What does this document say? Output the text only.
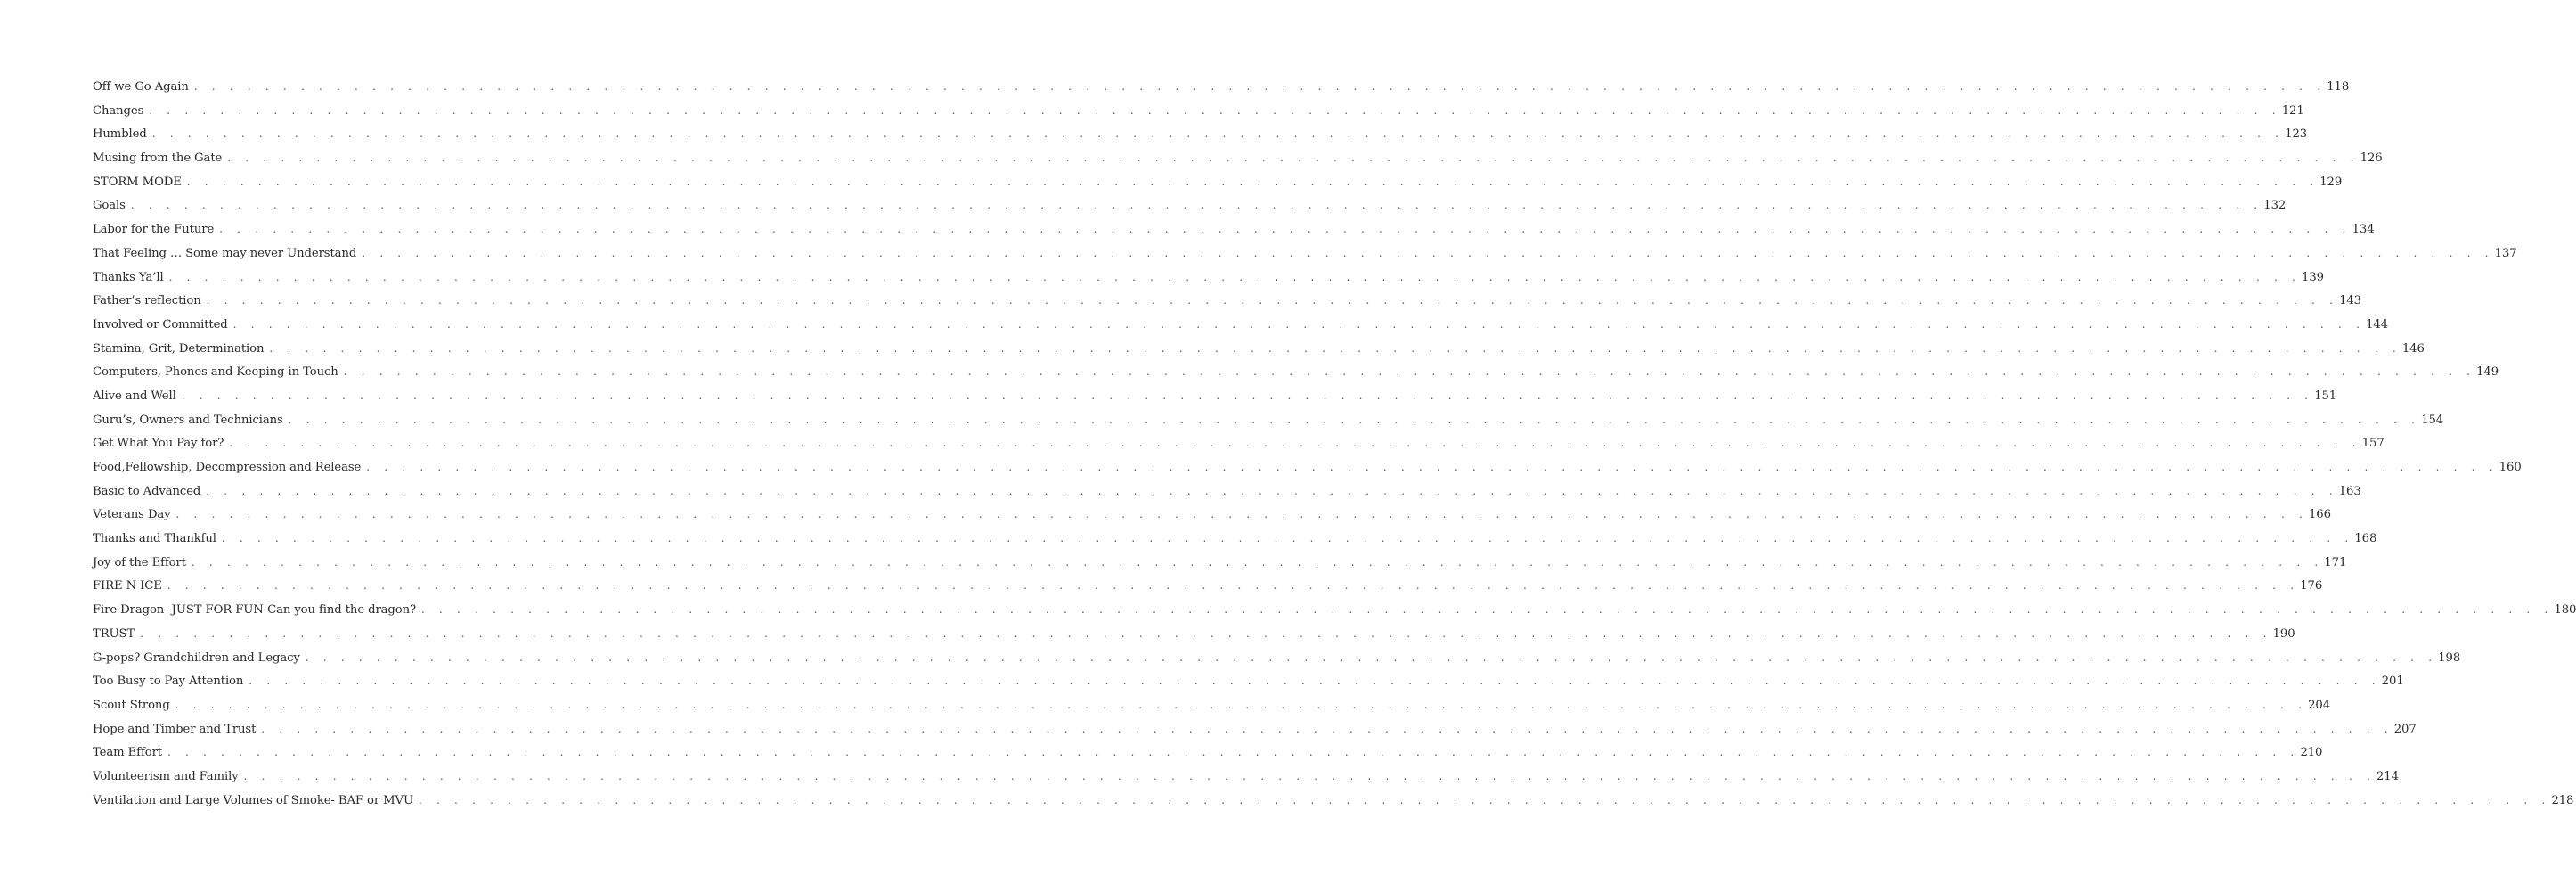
Off we Go Again . . . . . . . . . . . . . . . . . . . . . . . . . . . . . . . . . . . . . . . . . . . . . . . . . . . . . . . . . . . . . . . . . . . . . . . . . . . . . . . . . . . . . . . . . . . . . . . . . . . . . . . . . . . . . . . . . . . . . . . . 118
Changes . . . . . . . . . . . . . . . . . . . . . . . . . . . . . . . . . . . . . . . . . . . . . . . . . . . . . . . . . . . . . . . . . . . . . . . . . . . . . . . . . . . . . . . . . . . . . . . . . . . . . . . . . . . . . . . . . . . . . . . . 121
Humbled . . . . . . . . . . . . . . . . . . . . . . . . . . . . . . . . . . . . . . . . . . . . . . . . . . . . . . . . . . . . . . . . . . . . . . . . . . . . . . . . . . . . . . . . . . . . . . . . . . . . . . . . . . . . . . . . . . . . . . . . 123
Musing from the Gate . . . . . . . . . . . . . . . . . . . . . . . . . . . . . . . . . . . . . . . . . . . . . . . . . . . . . . . . . . . . . . . . . . . . . . . . . . . . . . . . . . . . . . . . . . . . . . . . . . . . . . . . . . . . . . . . . . . . . . . . 126
STORM MODE . . . . . . . . . . . . . . . . . . . . . . . . . . . . . . . . . . . . . . . . . . . . . . . . . . . . . . . . . . . . . . . . . . . . . . . . . . . . . . . . . . . . . . . . . . . . . . . . . . . . . . . . . . . . . . . . . . . . . . . . 129
Goals . . . . . . . . . . . . . . . . . . . . . . . . . . . . . . . . . . . . . . . . . . . . . . . . . . . . . . . . . . . . . . . . . . . . . . . . . . . . . . . . . . . . . . . . . . . . . . . . . . . . . . . . . . . . . . . . . . . . . . . . 132
Labor for the Future . . . . . . . . . . . . . . . . . . . . . . . . . . . . . . . . . . . . . . . . . . . . . . . . . . . . . . . . . . . . . . . . . . . . . . . . . . . . . . . . . . . . . . . . . . . . . . . . . . . . . . . . . . . . . . . . . . . . . . . . 134
That Feeling … Some may never Understand . . . . . . . . . . . . . . . . . . . . . . . . . . . . . . . . . . . . . . . . . . . . . . . . . . . . . . . . . . . . . . . . . . . . . . . . . . . . . . . . . . . . . . . . . . . . . . . . . . . . . . . . . . . . . . . . . . . . . . . . 137
Thanks Ya’ll . . . . . . . . . . . . . . . . . . . . . . . . . . . . . . . . . . . . . . . . . . . . . . . . . . . . . . . . . . . . . . . . . . . . . . . . . . . . . . . . . . . . . . . . . . . . . . . . . . . . . . . . . . . . . . . . . . . . . . . . 139
Father’s reflection . . . . . . . . . . . . . . . . . . . . . . . . . . . . . . . . . . . . . . . . . . . . . . . . . . . . . . . . . . . . . . . . . . . . . . . . . . . . . . . . . . . . . . . . . . . . . . . . . . . . . . . . . . . . . . . . . . . . . . . . 143
Involved or Committed . . . . . . . . . . . . . . . . . . . . . . . . . . . . . . . . . . . . . . . . . . . . . . . . . . . . . . . . . . . . . . . . . . . . . . . . . . . . . . . . . . . . . . . . . . . . . . . . . . . . . . . . . . . . . . . . . . . . . . . . 144
Stamina, Grit, Determination . . . . . . . . . . . . . . . . . . . . . . . . . . . . . . . . . . . . . . . . . . . . . . . . . . . . . . . . . . . . . . . . . . . . . . . . . . . . . . . . . . . . . . . . . . . . . . . . . . . . . . . . . . . . . . . . . . . . . . . . 146
Computers, Phones and Keeping in Touch . . . . . . . . . . . . . . . . . . . . . . . . . . . . . . . . . . . . . . . . . . . . . . . . . . . . . . . . . . . . . . . . . . . . . . . . . . . . . . . . . . . . . . . . . . . . . . . . . . . . . . . . . . . . . . . . . . . . . . . . 149
Alive and Well . . . . . . . . . . . . . . . . . . . . . . . . . . . . . . . . . . . . . . . . . . . . . . . . . . . . . . . . . . . . . . . . . . . . . . . . . . . . . . . . . . . . . . . . . . . . . . . . . . . . . . . . . . . . . . . . . . . . . . . . 151
Guru’s, Owners and Technicians . . . . . . . . . . . . . . . . . . . . . . . . . . . . . . . . . . . . . . . . . . . . . . . . . . . . . . . . . . . . . . . . . . . . . . . . . . . . . . . . . . . . . . . . . . . . . . . . . . . . . . . . . . . . . . . . . . . . . . . . 154
Get What You Pay for? . . . . . . . . . . . . . . . . . . . . . . . . . . . . . . . . . . . . . . . . . . . . . . . . . . . . . . . . . . . . . . . . . . . . . . . . . . . . . . . . . . . . . . . . . . . . . . . . . . . . . . . . . . . . . . . . . . . . . . . . 157
Food,Fellowship, Decompression and Release . . . . . . . . . . . . . . . . . . . . . . . . . . . . . . . . . . . . . . . . . . . . . . . . . . . . . . . . . . . . . . . . . . . . . . . . . . . . . . . . . . . . . . . . . . . . . . . . . . . . . . . . . . . . . . . . . . . . . . . . 160
Basic to Advanced . . . . . . . . . . . . . . . . . . . . . . . . . . . . . . . . . . . . . . . . . . . . . . . . . . . . . . . . . . . . . . . . . . . . . . . . . . . . . . . . . . . . . . . . . . . . . . . . . . . . . . . . . . . . . . . . . . . . . . . . 163
Veterans Day . . . . . . . . . . . . . . . . . . . . . . . . . . . . . . . . . . . . . . . . . . . . . . . . . . . . . . . . . . . . . . . . . . . . . . . . . . . . . . . . . . . . . . . . . . . . . . . . . . . . . . . . . . . . . . . . . . . . . . . . 166
Thanks and Thankful . . . . . . . . . . . . . . . . . . . . . . . . . . . . . . . . . . . . . . . . . . . . . . . . . . . . . . . . . . . . . . . . . . . . . . . . . . . . . . . . . . . . . . . . . . . . . . . . . . . . . . . . . . . . . . . . . . . . . . . . 168
Joy of the Effort . . . . . . . . . . . . . . . . . . . . . . . . . . . . . . . . . . . . . . . . . . . . . . . . . . . . . . . . . . . . . . . . . . . . . . . . . . . . . . . . . . . . . . . . . . . . . . . . . . . . . . . . . . . . . . . . . . . . . . . . 171
FIRE N ICE . . . . . . . . . . . . . . . . . . . . . . . . . . . . . . . . . . . . . . . . . . . . . . . . . . . . . . . . . . . . . . . . . . . . . . . . . . . . . . . . . . . . . . . . . . . . . . . . . . . . . . . . . . . . . . . . . . . . . . . . 176
Fire Dragon- JUST FOR FUN-Can you find the dragon? . . . . . . . . . . . . . . . . . . . . . . . . . . . . . . . . . . . . . . . . . . . . . . . . . . . . . . . . . . . . . . . . . . . . . . . . . . . . . . . . . . . . . . . . . . . . . . . . . . . . . . . . . . . . . . . . . . . . . . . . 180
TRUST . . . . . . . . . . . . . . . . . . . . . . . . . . . . . . . . . . . . . . . . . . . . . . . . . . . . . . . . . . . . . . . . . . . . . . . . . . . . . . . . . . . . . . . . . . . . . . . . . . . . . . . . . . . . . . . . . . . . . . . . 190
G-pops? Grandchildren and Legacy . . . . . . . . . . . . . . . . . . . . . . . . . . . . . . . . . . . . . . . . . . . . . . . . . . . . . . . . . . . . . . . . . . . . . . . . . . . . . . . . . . . . . . . . . . . . . . . . . . . . . . . . . . . . . . . . . . . . . . . . 198
Too Busy to Pay Attention . . . . . . . . . . . . . . . . . . . . . . . . . . . . . . . . . . . . . . . . . . . . . . . . . . . . . . . . . . . . . . . . . . . . . . . . . . . . . . . . . . . . . . . . . . . . . . . . . . . . . . . . . . . . . . . . . . . . . . . . 201
Scout Strong . . . . . . . . . . . . . . . . . . . . . . . . . . . . . . . . . . . . . . . . . . . . . . . . . . . . . . . . . . . . . . . . . . . . . . . . . . . . . . . . . . . . . . . . . . . . . . . . . . . . . . . . . . . . . . . . . . . . . . . . 204
Hope and Timber and Trust . . . . . . . . . . . . . . . . . . . . . . . . . . . . . . . . . . . . . . . . . . . . . . . . . . . . . . . . . . . . . . . . . . . . . . . . . . . . . . . . . . . . . . . . . . . . . . . . . . . . . . . . . . . . . . . . . . . . . . . . 207
Team Effort . . . . . . . . . . . . . . . . . . . . . . . . . . . . . . . . . . . . . . . . . . . . . . . . . . . . . . . . . . . . . . . . . . . . . . . . . . . . . . . . . . . . . . . . . . . . . . . . . . . . . . . . . . . . . . . . . . . . . . . . 210
Volunteerism and Family . . . . . . . . . . . . . . . . . . . . . . . . . . . . . . . . . . . . . . . . . . . . . . . . . . . . . . . . . . . . . . . . . . . . . . . . . . . . . . . . . . . . . . . . . . . . . . . . . . . . . . . . . . . . . . . . . . . . . . . . 214
Ventilation and Large Volumes of Smoke- BAF or MVU . . . . . . . . . . . . . . . . . . . . . . . . . . . . . . . . . . . . . . . . . . . . . . . . . . . . . . . . . . . . . . . . . . . . . . . . . . . . . . . . . . . . . . . . . . . . . . . . . . . . . . . . . . . . . . . . . . . . . . . . 218
